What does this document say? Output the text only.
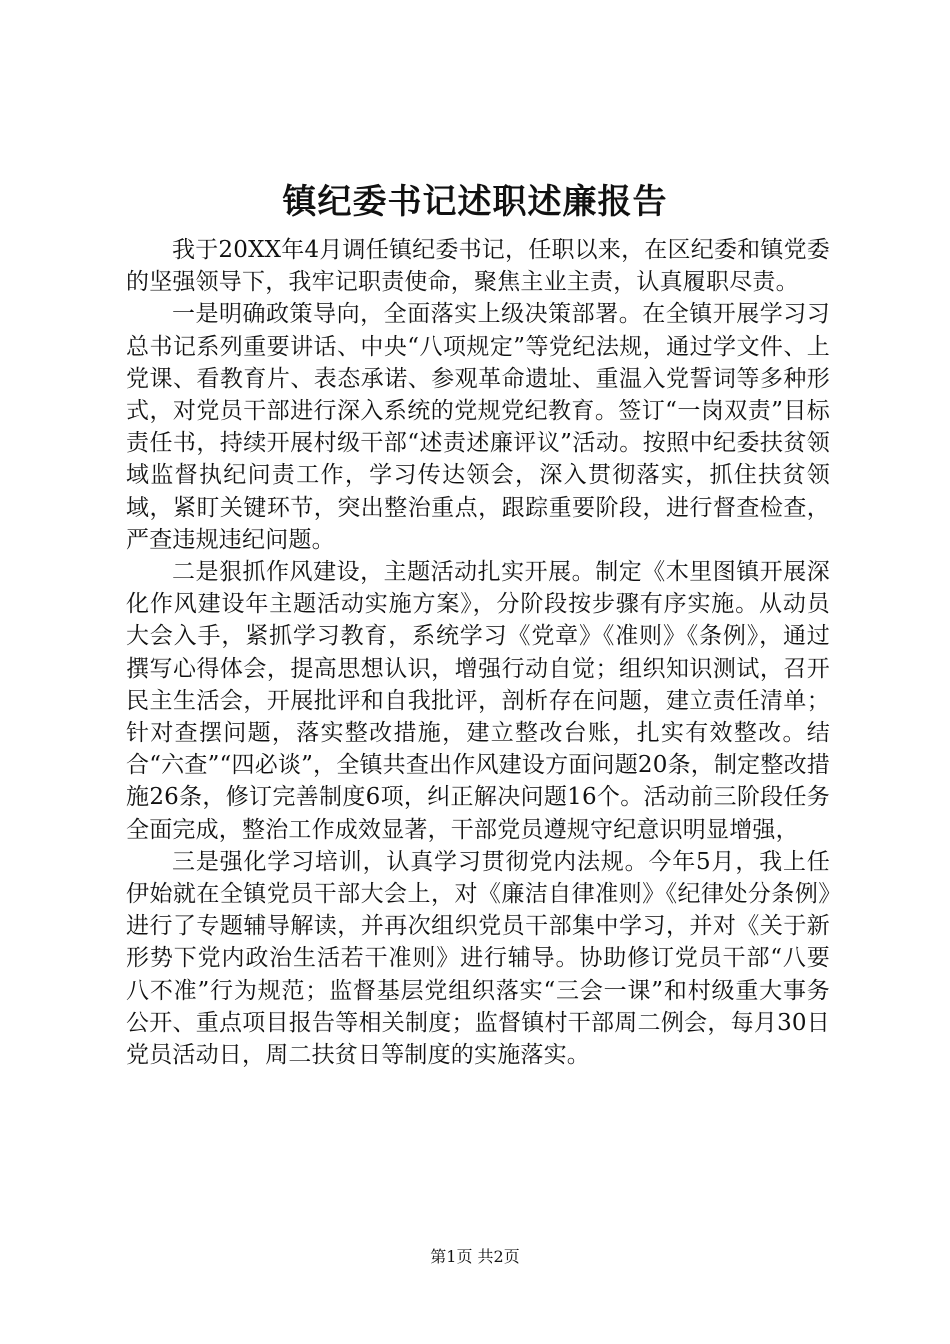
镇纪委书记述职述廉报告

我于20XX年4月调任镇纪委书记，任职以来，在区纪委和镇党委的坚强领导下，我牢记职责使命，聚焦主业主责，认真履职尽责。

一是明确政策导向，全面落实上级决策部署。在全镇开展学习习总书记系列重要讲话、中央“八项规定”等党纪法规，通过学文件、上党课、看教育片、表态承诺、参观革命遗址、重温入党誓词等多种形式，对党员干部进行深入系统的党规党纪教育。签订“一岗双责”目标责任书，持续开展村级干部“述责述廉评议”活动。按照中纪委扶贫领域监督执纪问责工作，学习传达领会，深入贯彻落实，抓住扶贫领域，紧盯关键环节，突出整治重点，跟踪重要阶段，进行督查检查，严查违规违纪问题。

二是狠抓作风建设，主题活动扎实开展。制定《木里图镇开展深化作风建设年主题活动实施方案》，分阶段按步骤有序实施。从动员大会入手，紧抓学习教育，系统学习《党章》《准则》《条例》，通过撰写心得体会，提高思想认识，增强行动自觉；组织知识测试，召开民主生活会，开展批评和自我批评，剖析存在问题，建立责任清单；针对查摆问题，落实整改措施，建立整改台账，扎实有效整改。结合“六查”“四必谈”，全镇共查出作风建设方面问题20条，制定整改措施26条，修订完善制度6项，纠正解决问题16个。活动前三阶段任务全面完成，整治工作成效显著，干部党员遵规守纪意识明显增强，

三是强化学习培训，认真学习贯彻党内法规。今年5月，我上任伊始就在全镇党员干部大会上，对《廉洁自律准则》《纪律处分条例》进行了专题辅导解读，并再次组织党员干部集中学习，并对《关于新形势下党内政治生活若干准则》进行辅导。协助修订党员干部“八要八不准”行为规范；监督基层党组织落实“三会一课”和村级重大事务公开、重点项目报告等相关制度；监督镇村干部周二例会，每月30日党员活动日，周二扶贫日等制度的实施落实。

第1页 共2页
